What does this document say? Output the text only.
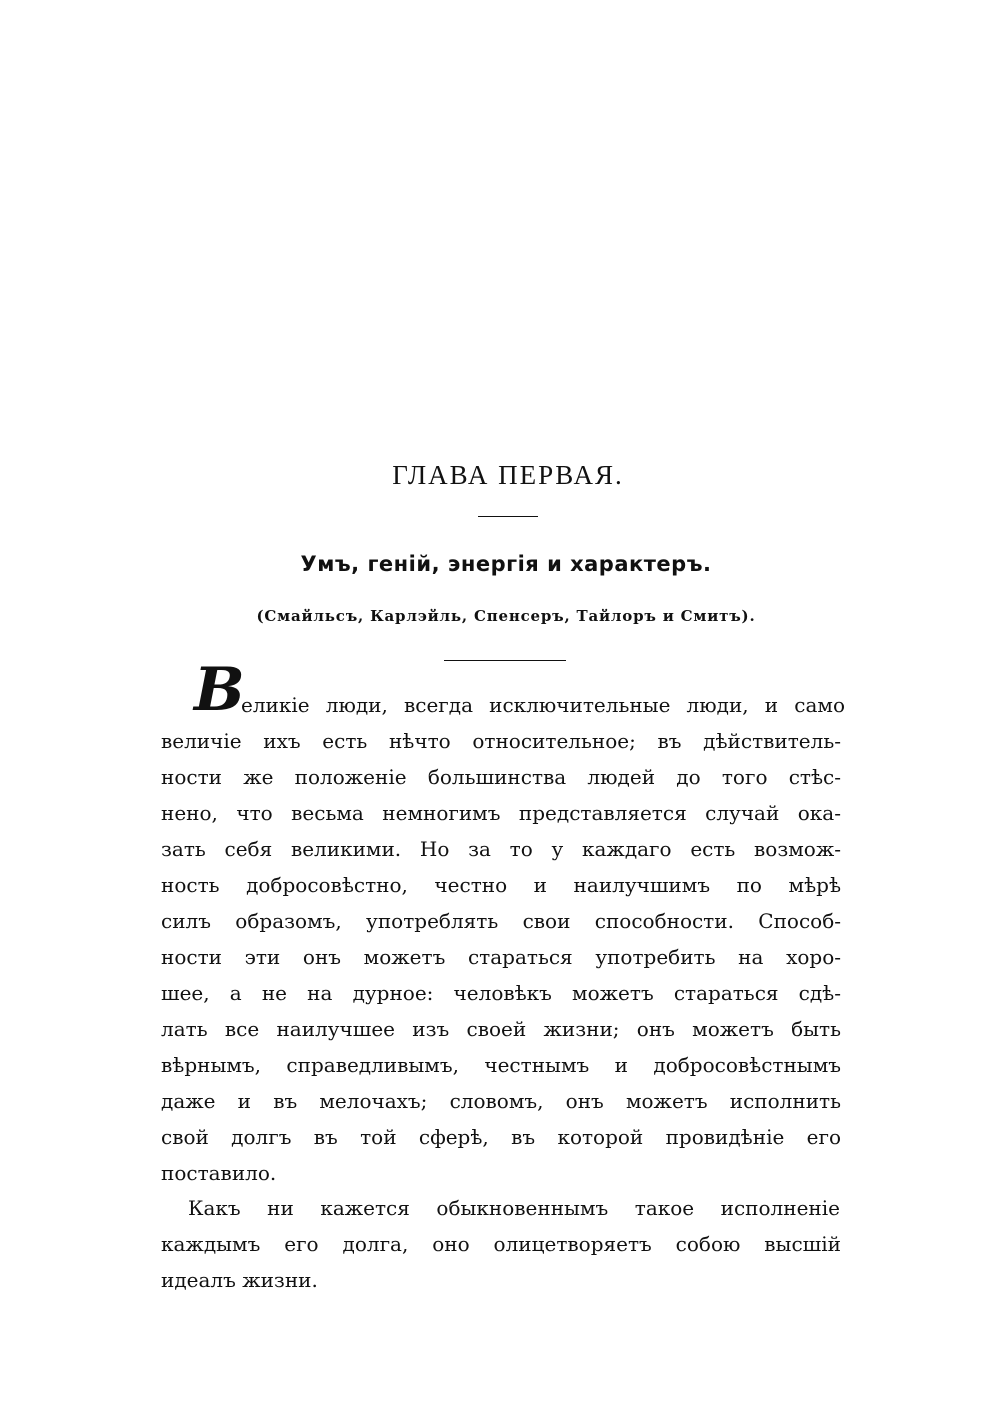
ГЛАВА ПЕРВАЯ.
Умъ, генiй, энергiя и характеръ.
(Смайльсъ, Карлэйль, Спенсеръ, Тайлоръ и Смитъ).
В
еликiе люди, всегда исключительные люди, и само
величiе ихъ есть нѣчто относительное; въ дѣйствитель-
ности же положенiе большинства людей до того стѣс-
нено, что весьма немногимъ представляется случай ока-
зать себя великими. Но за то у каждаго есть возмож-
ность добросовѣстно, честно и наилучшимъ по мѣрѣ
силъ образомъ, употреблять свои способности. Способ-
ности эти онъ можетъ стараться употребить на хоро-
шее, а не на дурное: человѣкъ можетъ стараться сдѣ-
лать все наилучшее изъ своей жизни; онъ можетъ быть
вѣрнымъ, справедливымъ, честнымъ и добросовѣстнымъ
даже и въ мелочахъ; словомъ, онъ можетъ исполнить
свой долгъ въ той сферѣ, въ которой провидѣнiе его
поставило.
Какъ ни кажется обыкновеннымъ такое исполненiе
каждымъ его долга, оно олицетворяетъ собою высшiй
идеалъ жизни.
